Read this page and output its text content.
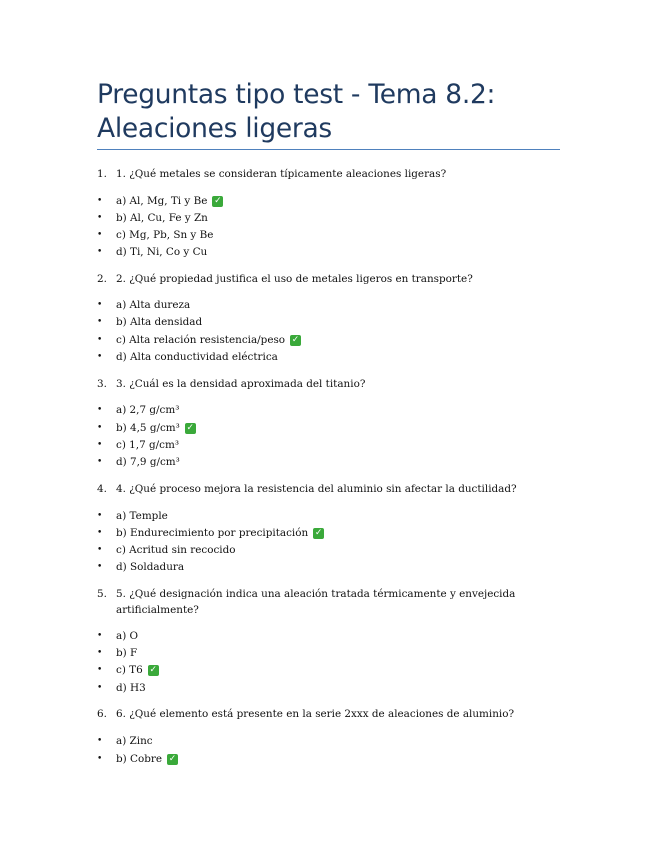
Preguntas tipo test - Tema 8.2: Aleaciones ligeras
1. 1. ¿Qué metales se consideran típicamente aleaciones ligeras?
•	a) Al, Mg, Ti y Be ✓
•	b) Al, Cu, Fe y Zn
•	c) Mg, Pb, Sn y Be
•	d) Ti, Ni, Co y Cu
2. 2. ¿Qué propiedad justifica el uso de metales ligeros en transporte?
•	a) Alta dureza
•	b) Alta densidad
•	c) Alta relación resistencia/peso ✓
•	d) Alta conductividad eléctrica
3. 3. ¿Cuál es la densidad aproximada del titanio?
•	a) 2,7 g/cm³
•	b) 4,5 g/cm³ ✓
•	c) 1,7 g/cm³
•	d) 7,9 g/cm³
4. 4. ¿Qué proceso mejora la resistencia del aluminio sin afectar la ductilidad?
•	a) Temple
•	b) Endurecimiento por precipitación ✓
•	c) Acritud sin recocido
•	d) Soldadura
5. 5. ¿Qué designación indica una aleación tratada térmicamente y envejecida artificialmente?
•	a) O
•	b) F
•	c) T6 ✓
•	d) H3
6. 6. ¿Qué elemento está presente en la serie 2xxx de aleaciones de aluminio?
•	a) Zinc
•	b) Cobre ✓
